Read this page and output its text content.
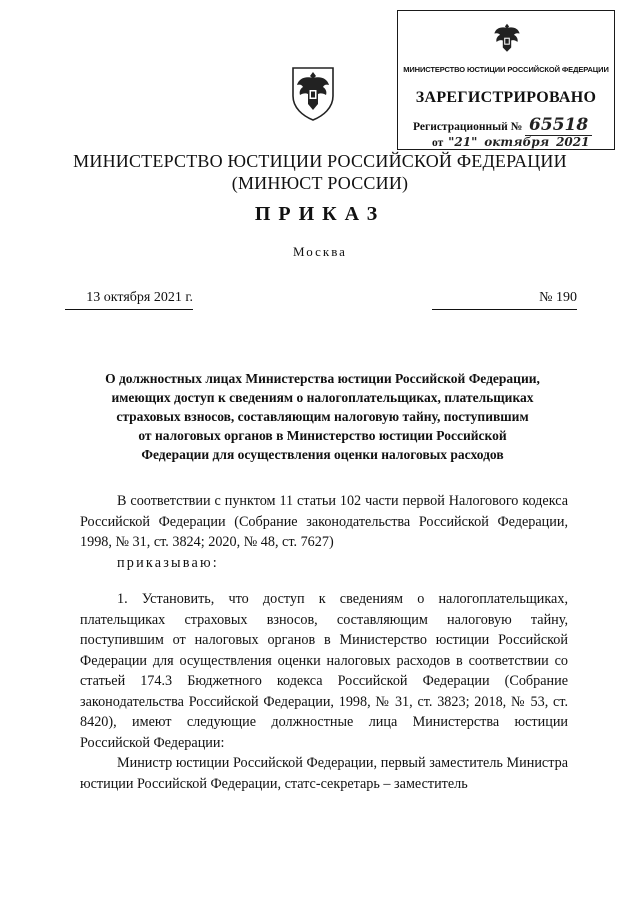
МИНИСТЕРСТВО ЮСТИЦИИ РОССИЙСКОЙ ФЕДЕРАЦИИ
ЗАРЕГИСТРИРОВАНО
Регистрационный № 65518
от "21" октября 2021
МИНИСТЕРСТВО ЮСТИЦИИ РОССИЙСКОЙ ФЕДЕРАЦИИ
(МИНЮСТ РОССИИ)
ПРИКАЗ
Москва
13 октября 2021 г.	№ 190
О должностных лицах Министерства юстиции Российской Федерации,
имеющих доступ к сведениям о налогоплательщиках, плательщиках
страховых взносов, составляющим налоговую тайну, поступившим
от налоговых органов в Министерство юстиции Российской
Федерации для осуществления оценки налоговых расходов

В соответствии с пунктом 11 статьи 102 части первой Налогового кодекса Российской Федерации (Собрание законодательства Российской Федерации, 1998, № 31, ст. 3824; 2020, № 48, ст. 7627)

приказываю:

1. Установить, что доступ к сведениям о налогоплательщиках, плательщиках страховых взносов, составляющим налоговую тайну, поступившим от налоговых органов в Министерство юстиции Российской Федерации для осуществления оценки налоговых расходов в соответствии со статьей 174.3 Бюджетного кодекса Российской Федерации (Собрание законодательства Российской Федерации, 1998, № 31, ст. 3823; 2018, № 53, ст. 8420), имеют следующие должностные лица Министерства юстиции Российской Федерации:

Министр юстиции Российской Федерации, первый заместитель Министра юстиции Российской Федерации, статс-секретарь – заместитель
